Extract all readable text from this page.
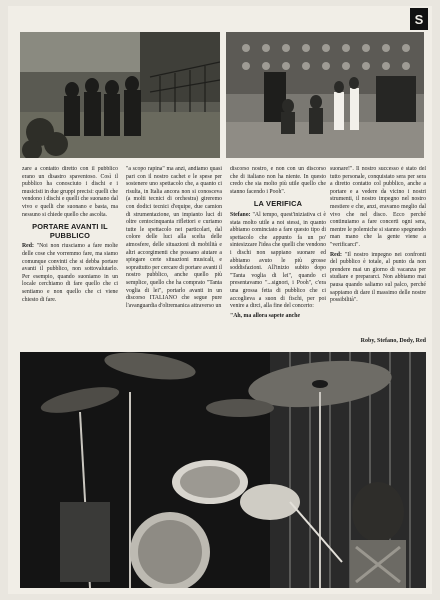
S

zare a contatto diretto con il pubblico erano un disastro spaventoso. Così il pubblico ha conosciuto i dischi e i musicisti in due gruppi precisi: quelli che vendono i dischi e quelli che suonano dal vivo e quelli che suonano e basta, ma nessuno si chiede quello che ascolta.

PORTARE AVANTI IL PUBBLICO

Red: "Noi non riusciamo a fare molte delle cose che vorremmo fare, ma siamo comunque convinti che si debba portare avanti il pubblico, non sottovalutarlo. Per esempio, quando suoniamo in un locale cerchiamo di fare quello che ci sentiamo e non quello che ci viene chiesto di fare.

"a scopo rapina" ma anzi, andiamo quasi pari con il nostro cachet e le spese per sostenere uno spettacolo che, a quanto ci risulta, in Italia ancora non si conosceva (a molti tecnici di orchestra) gireremo con dodici tecnici d'equipe, due camion di strumentazione, un impianto luci di oltre centocinquanta riflettori e curiamo tutte le spettacolo nei particolari, dal colore delle luci alla scelta delle atmosfere, delle situazioni di mobilità e altri accorgimenti che possano aiutare a spiegare certe situazioni musicali, e soprattutto per cercare di portare avanti il nostro pubblico, anche quello più semplice, quello che ha comprato "Tanta voglia di lei", portarlo avanti in un discorso ITALIANO che segue pure l'avanguardia d'oltremanica attraverso un

discorso nostro, e non con un discorso che di italiano non ha niente. In questo credo che sia molto più utile quello che stanno facendo i Pooh".

LA VERIFICA

Stefano: "Al tempo, quest'iniziativa ci è stata molto utile a noi stessi, in quanto abbiamo cominciato a fare questo tipo di spettacolo che appunto fa un po' sintesizzare l'idea che quelli che vendono i dischi non sappiano suonare ed abbiamo avuto le più grosse soddisfazioni. All'inizio subito dopo "Tanta voglia di lei", quando ci presentavamo "...signori, i Pooh", c'era una grossa fetta di pubblico che ci accoglieva a suon di fischi, per poi venire a dirci, alla fine del concerto:

"Ah, ma allora sapete anche

suonare!". Il nostro successo è stato del tutto personale, conquistato sera per sera a diretto contatto col pubblico, anche a portare e a vedere da vicino i nostri strumenti, il nostro impegno nel nostro mestiere e che, anzi, eravamo meglio dal vivo che nel disco. Ecco perché continuiamo a fare concerti ogni sera, mentre le polemiche si stanno spegnendo man mano che la gente viene a "verificarci".

Red: "Il nostro impegno nei confronti del pubblico è totale, al punto da non prendere mai un giorno di vacanza per studiare e prepararci. Non abbiamo mai pausa quando saliamo sul palco, perché sappiamo di dare il massimo delle nostre possibilità".

Roby, Stefano, Dody, Red
